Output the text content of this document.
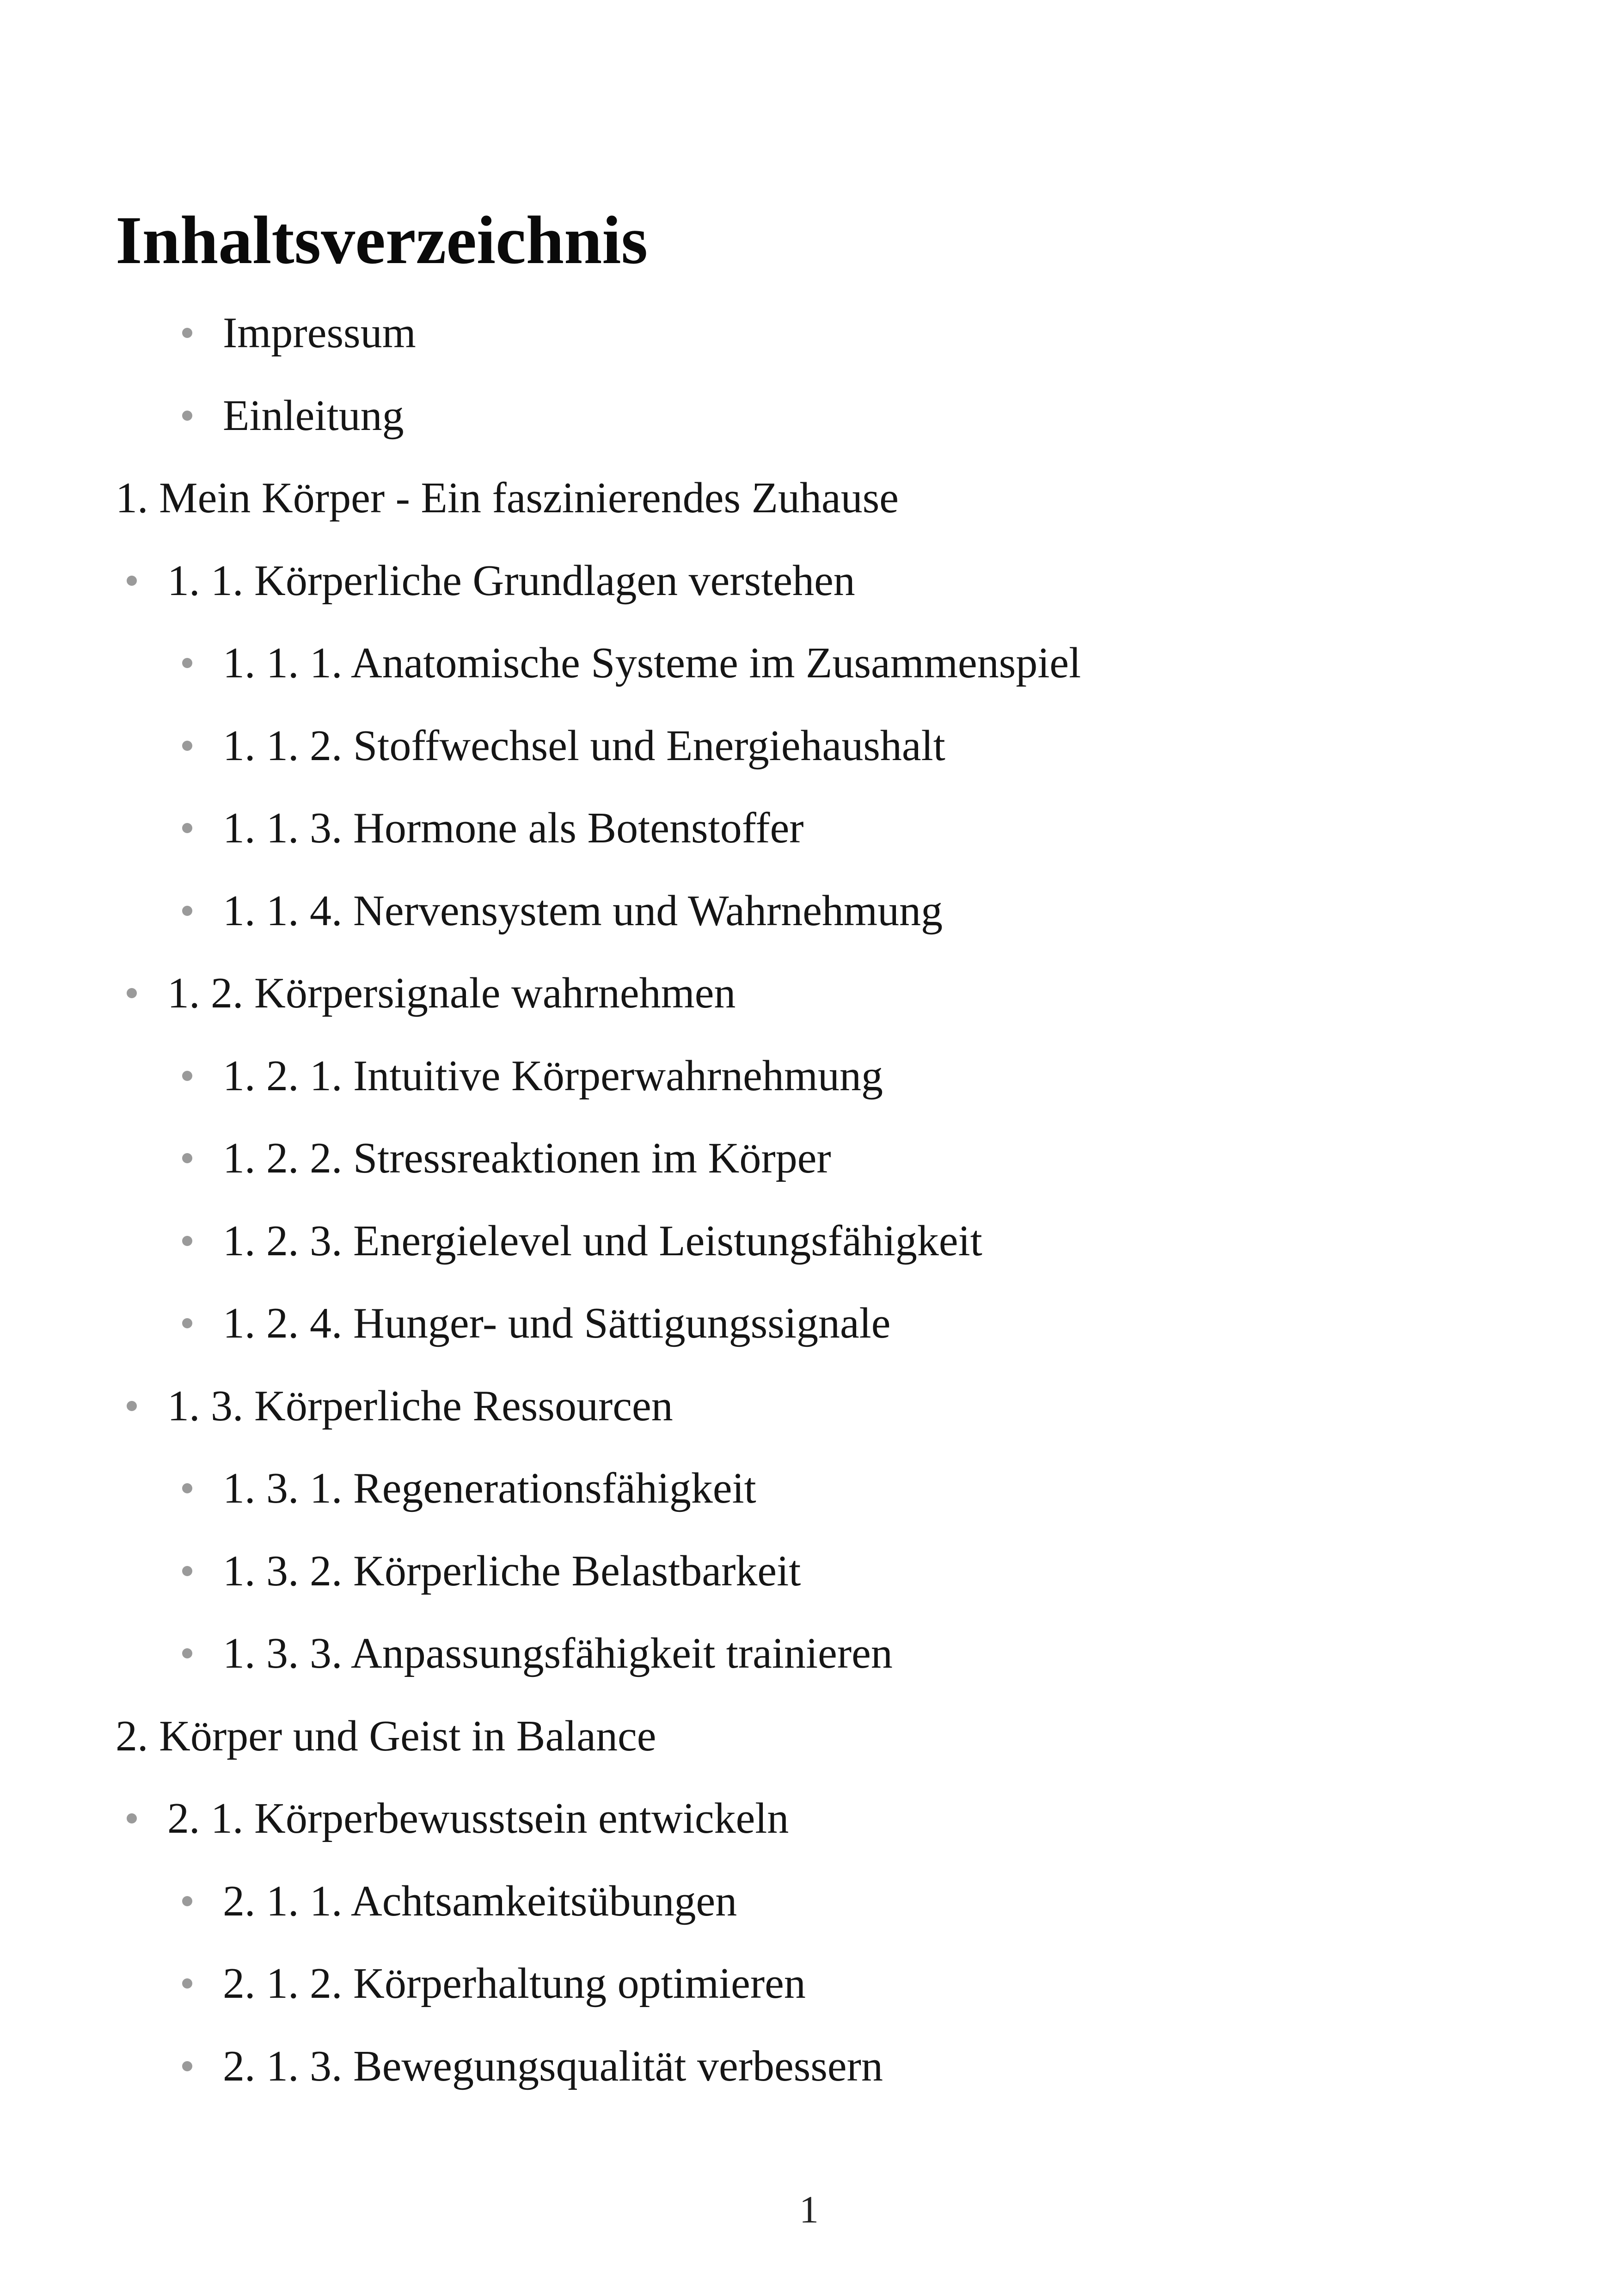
Inhaltsverzeichnis
Impressum
Einleitung
1. Mein Körper - Ein faszinierendes Zuhause
1. 1. Körperliche Grundlagen verstehen
1. 1. 1. Anatomische Systeme im Zusammenspiel
1. 1. 2. Stoffwechsel und Energiehaushalt
1. 1. 3. Hormone als Botenstoffer
1. 1. 4. Nervensystem und Wahrnehmung
1. 2. Körpersignale wahrnehmen
1. 2. 1. Intuitive Körperwahrnehmung
1. 2. 2. Stressreaktionen im Körper
1. 2. 3. Energielevel und Leistungsfähigkeit
1. 2. 4. Hunger- und Sättigungssignale
1. 3. Körperliche Ressourcen
1. 3. 1. Regenerationsfähigkeit
1. 3. 2. Körperliche Belastbarkeit
1. 3. 3. Anpassungsfähigkeit trainieren
2. Körper und Geist in Balance
2. 1. Körperbewusstsein entwickeln
2. 1. 1. Achtsamkeitsübungen
2. 1. 2. Körperhaltung optimieren
2. 1. 3. Bewegungsqualität verbessern
1
